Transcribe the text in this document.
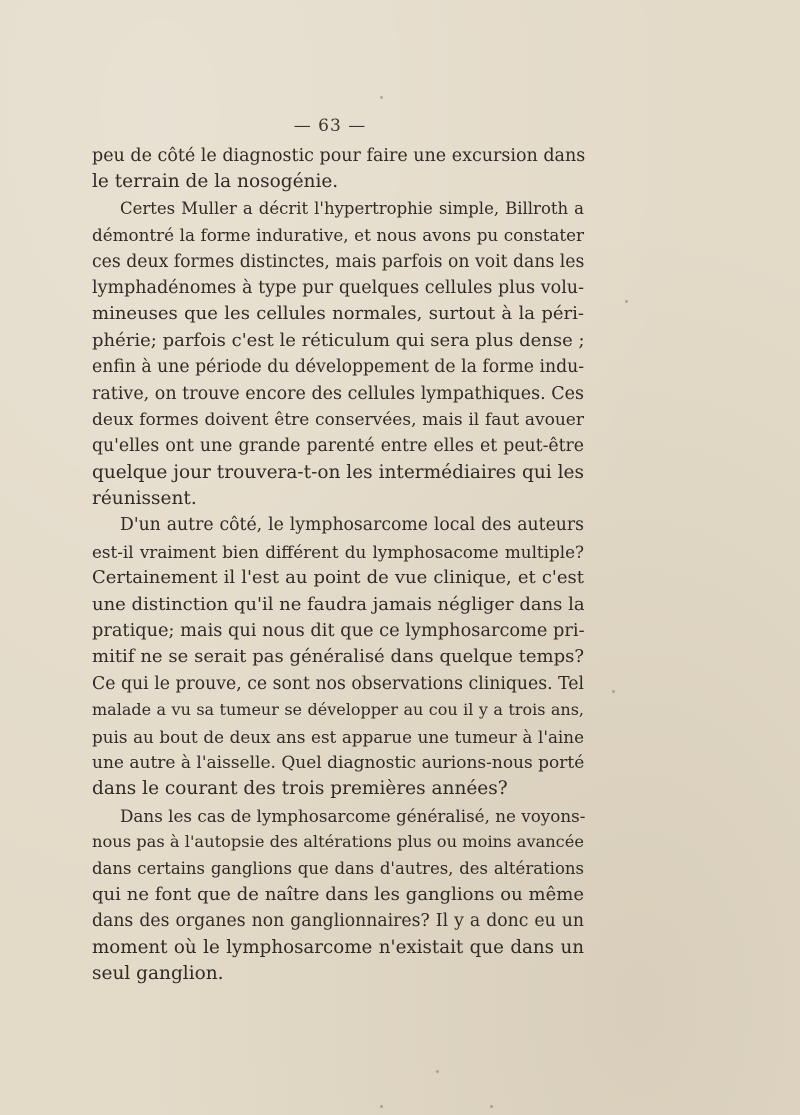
— 63 —
peu de côté le diagnostic pour faire une excursion dans
le terrain de la nosogénie.
Certes Muller a décrit l'hypertrophie simple, Billroth a
démontré la forme indurative, et nous avons pu constater
ces deux formes distinctes, mais parfois on voit dans les
lymphadénomes à type pur quelques cellules plus volu-
mineuses que les cellules normales, surtout à la péri-
phérie; parfois c'est le réticulum qui sera plus dense ;
enfin à une période du développement de la forme indu-
rative, on trouve encore des cellules lympathiques. Ces
deux formes doivent être conservées, mais il faut avouer
qu'elles ont une grande parenté entre elles et peut-être
quelque jour trouvera-t-on les intermédiaires qui les
réunissent.
D'un autre côté, le lymphosarcome local des auteurs
est-il vraiment bien différent du lymphosacome multiple?
Certainement il l'est au point de vue clinique, et c'est
une distinction qu'il ne faudra jamais négliger dans la
pratique; mais qui nous dit que ce lymphosarcome pri-
mitif ne se serait pas généralisé dans quelque temps?
Ce qui le prouve, ce sont nos observations cliniques. Tel
malade a vu sa tumeur se développer au cou il y a trois ans,
puis au bout de deux ans est apparue une tumeur à l'aine
une autre à l'aisselle. Quel diagnostic aurions-nous porté
dans le courant des trois premières années?
Dans les cas de lymphosarcome généralisé, ne voyons-
nous pas à l'autopsie des altérations plus ou moins avancée
dans certains ganglions que dans d'autres, des altérations
qui ne font que de naître dans les ganglions ou même
dans des organes non ganglionnaires? Il y a donc eu un
moment où le lymphosarcome n'existait que dans un
seul ganglion.
